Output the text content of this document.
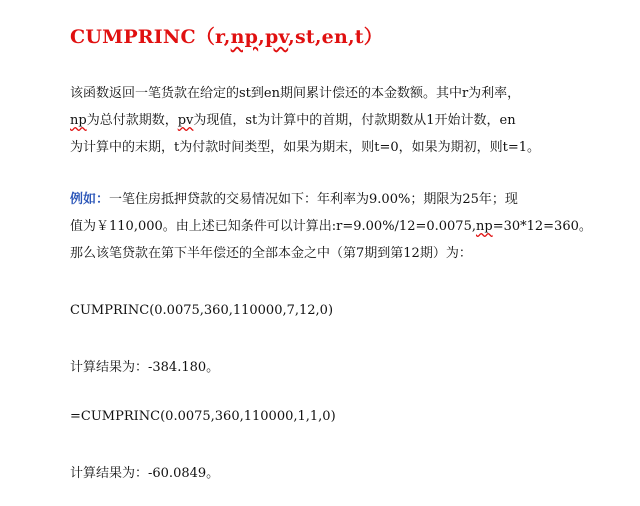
CUMPRINC（r,np,pv,st,en,t）
该函数返回一笔货款在给定的st到en期间累计偿还的本金数额。其中r为利率，
np为总付款期数，pv为现值，st为计算中的首期，付款期数从1开始计数，en
为计算中的末期，t为付款时间类型，如果为期末，则t=0，如果为期初，则t=1。
例如：一笔住房抵押贷款的交易情况如下：年利率为9.00%；期限为25年；现
值为￥110,000。由上述已知条件可以计算出:r=9.00%/12=0.0075,np=30*12=360。
那么该笔贷款在第下半年偿还的全部本金之中（第7期到第12期）为：
CUMPRINC(0.0075,360,110000,7,12,0)
计算结果为：-384.180。
=CUMPRINC(0.0075,360,110000,1,1,0)
计算结果为：-60.0849。
